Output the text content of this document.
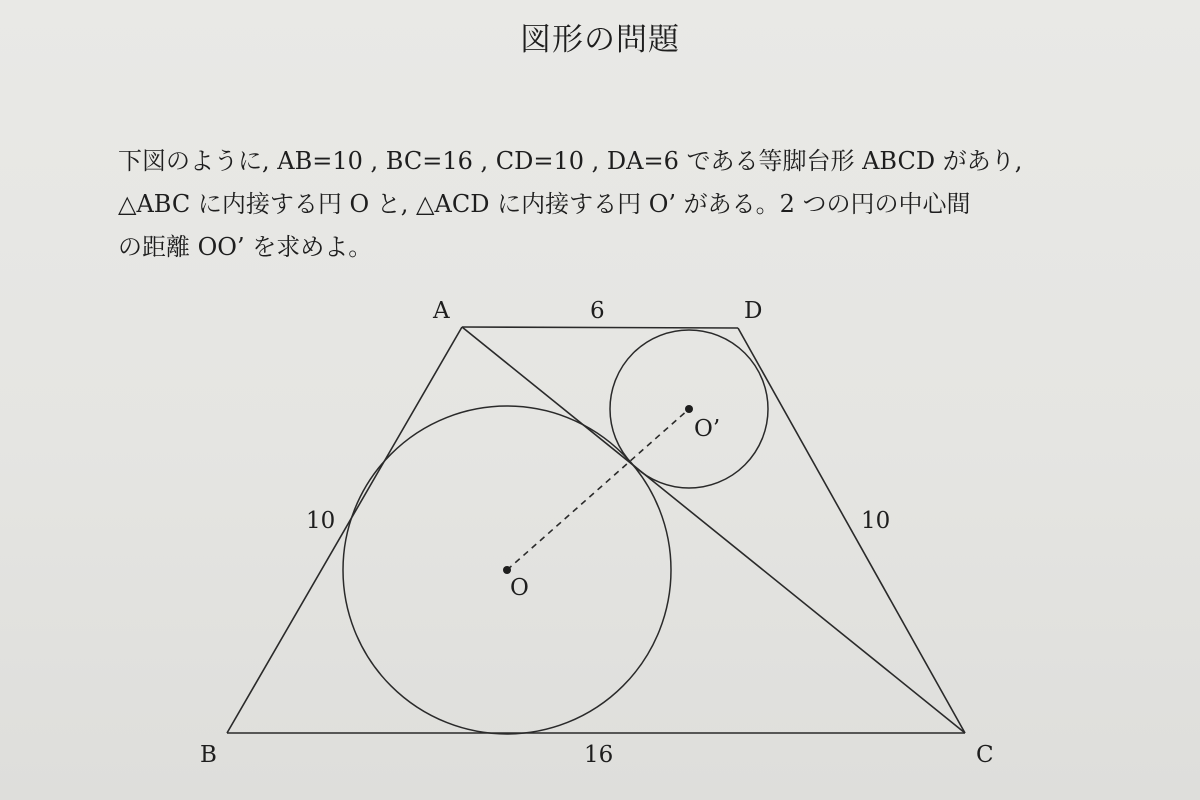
図形の問題
下図のように, AB=10 , BC=16 , CD=10 , DA=6 である等脚台形 ABCD があり,
△ABC に内接する円 O と, △ACD に内接する円 O’ がある。2 つの円の中心間
の距離 OO’ を求めよ。
A	D
B	C
O
O’
6
10	10
16
